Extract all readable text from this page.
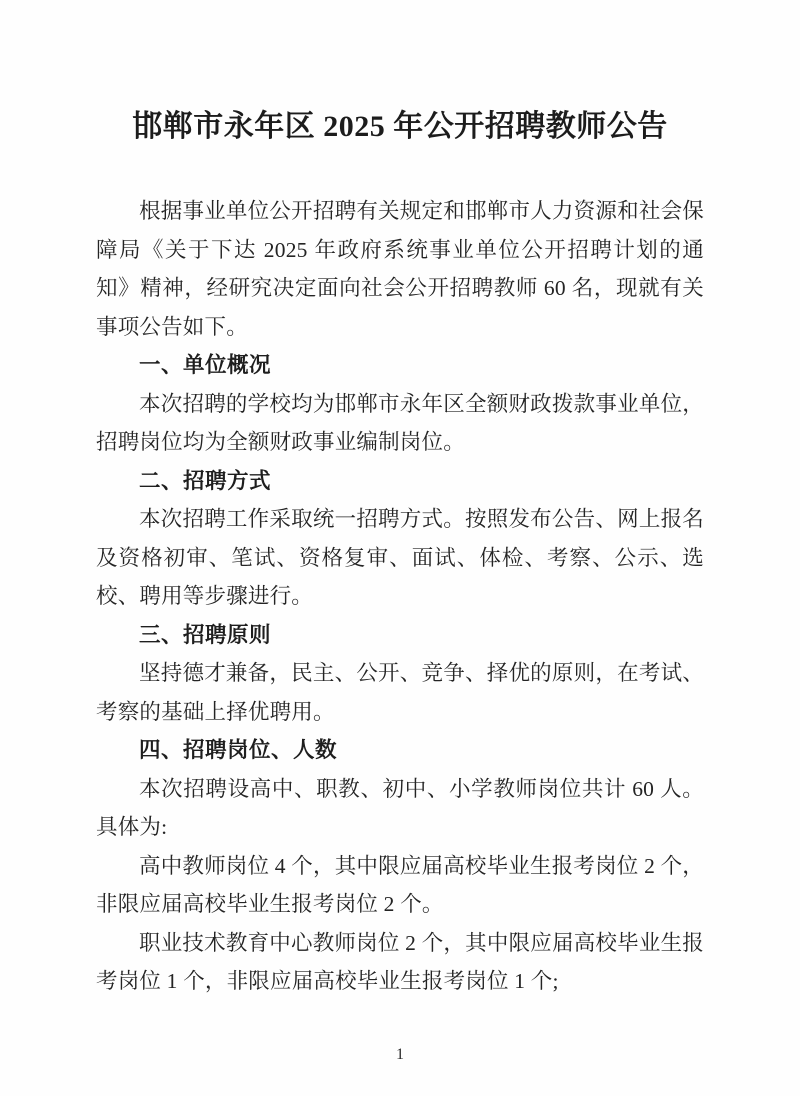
邯郸市永年区 2025 年公开招聘教师公告

根据事业单位公开招聘有关规定和邯郸市人力资源和社会保障局《关于下达 2025 年政府系统事业单位公开招聘计划的通知》精神，经研究决定面向社会公开招聘教师 60 名，现就有关事项公告如下。

一、单位概况

本次招聘的学校均为邯郸市永年区全额财政拨款事业单位，招聘岗位均为全额财政事业编制岗位。

二、招聘方式

本次招聘工作采取统一招聘方式。按照发布公告、网上报名及资格初审、笔试、资格复审、面试、体检、考察、公示、选校、聘用等步骤进行。

三、招聘原则

坚持德才兼备，民主、公开、竞争、择优的原则，在考试、考察的基础上择优聘用。

四、招聘岗位、人数

本次招聘设高中、职教、初中、小学教师岗位共计 60 人。具体为:

高中教师岗位 4 个，其中限应届高校毕业生报考岗位 2 个，非限应届高校毕业生报考岗位 2 个。

职业技术教育中心教师岗位 2 个，其中限应届高校毕业生报考岗位 1 个，非限应届高校毕业生报考岗位 1 个;

1
